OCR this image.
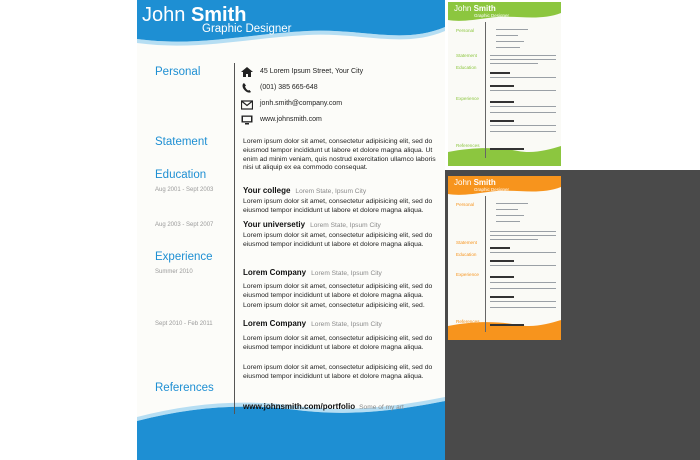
John Smith
Graphic Designer
Personal
Statement
Education
Experience
References
45 Lorem Ipsum Street, Your City
(001) 385 665-648
jonh.smith@company.com
www.johnsmith.com
Lorem ipsum dolor sit amet, consectetur adipisicing elit, sed do eiusmod tempor incididunt ut labore et dolore magna aliqua. Ut enim ad minim veniam, quis nostrud exercitation ullamco laboris nisi ut aliquip ex ea commodo consequat.
Aug 2001 - Sept 2003	Your college Lorem State, Ipsum City
Lorem ipsum dolor sit amet, consectetur adipisicing elit, sed do eiusmod tempor incididunt ut labore et dolore magna aliqua.
Aug 2003 - Sept 2007	Your universetiy Lorem State, Ipsum City
Lorem ipsum dolor sit amet, consectetur adipisicing elit, sed do eiusmod tempor incididunt ut labore et dolore magna aliqua.
Summer 2010	Lorem Company Lorem State, Ipsum City
Lorem ipsum dolor sit amet, consectetur adipisicing elit, sed do eiusmod tempor incididunt ut labore et dolore magna aliqua.
Lorem ipsum dolor sit amet, consectetur adipisicing elit, sed.
Sept 2010 - Feb 2011	Lorem Company Lorem State, Ipsum City
Lorem ipsum dolor sit amet, consectetur adipisicing elit, sed do eiusmod tempor incididunt ut labore et dolore magna aliqua.
Lorem ipsum dolor sit amet, consectetur adipisicing elit, sed do eiusmod tempor incididunt ut labore et dolore magna aliqua.
www.johnsmith.com/portfolio Some of my art
John Smith
Graphic Designer
Personal
Statement
Education
Experience
References
John Smith
Graphic Designer
Personal
Statement
Education
Experience
References
